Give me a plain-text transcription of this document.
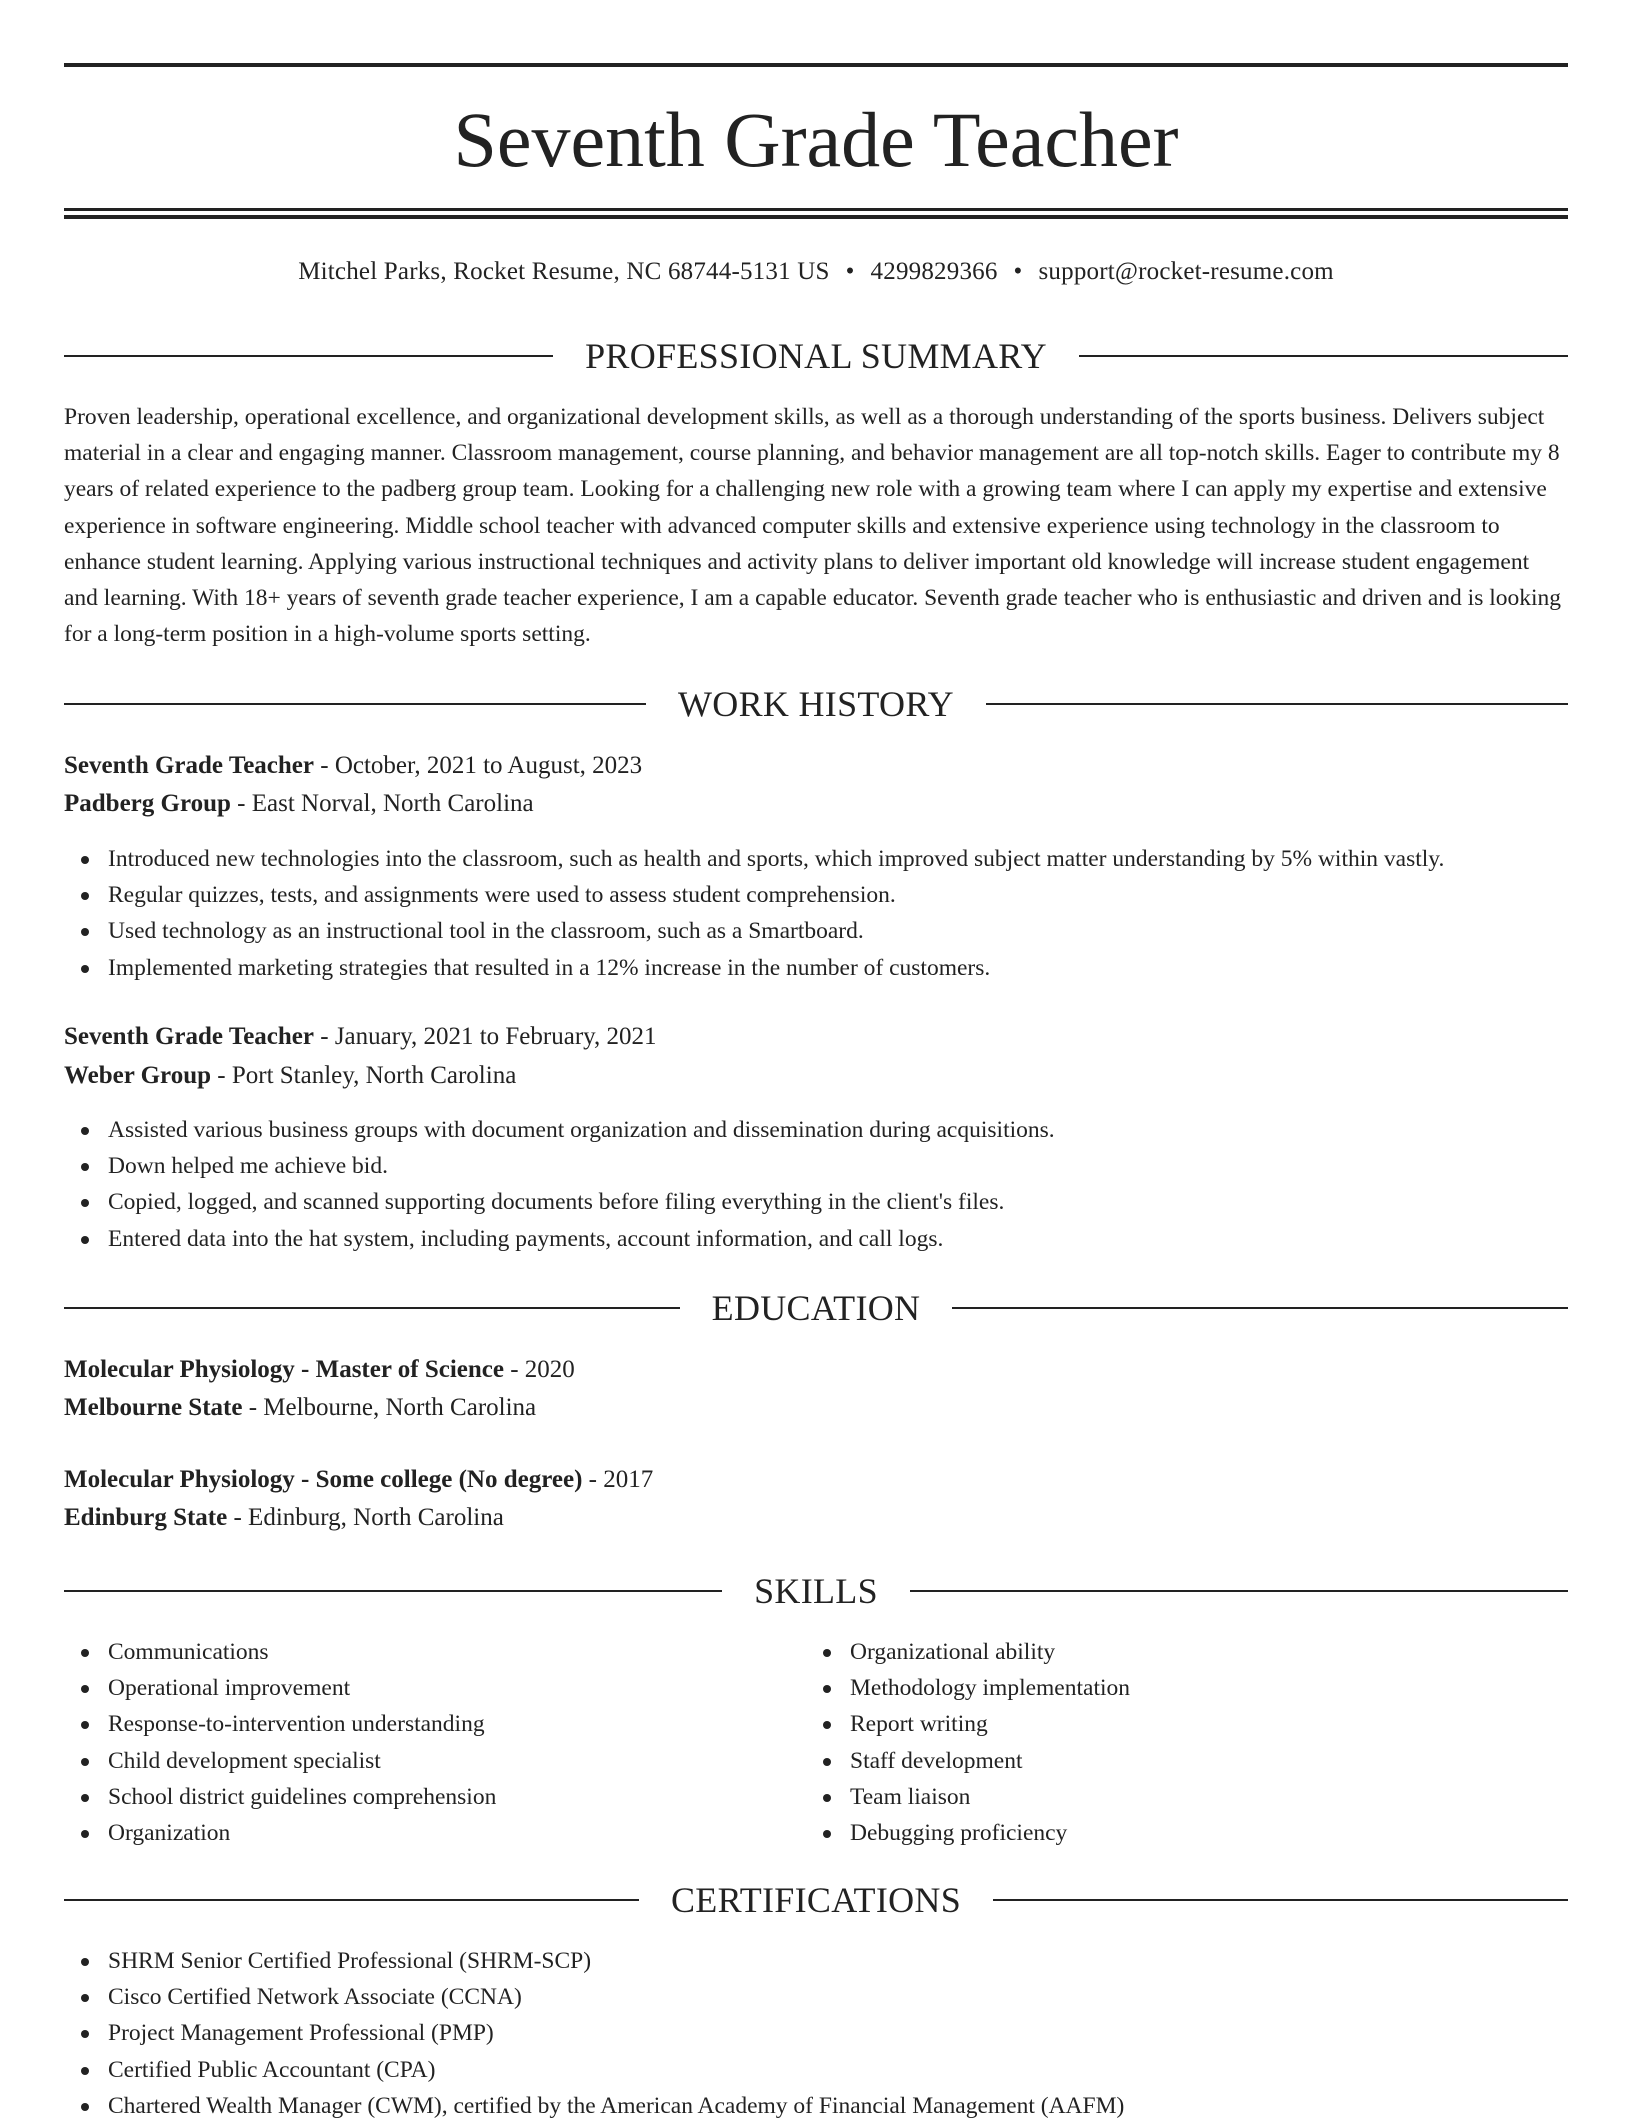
Seventh Grade Teacher
Mitchel Parks, Rocket Resume, NC 68744-5131 US • 4299829366 • support@rocket-resume.com
PROFESSIONAL SUMMARY

Proven leadership, operational excellence, and organizational development skills, as well as a thorough understanding of the sports business. Delivers subject material in a clear and engaging manner. Classroom management, course planning, and behavior management are all top-notch skills. Eager to contribute my 8 years of related experience to the padberg group team. Looking for a challenging new role with a growing team where I can apply my expertise and extensive experience in software engineering. Middle school teacher with advanced computer skills and extensive experience using technology in the classroom to enhance student learning. Applying various instructional techniques and activity plans to deliver important old knowledge will increase student engagement and learning. With 18+ years of seventh grade teacher experience, I am a capable educator. Seventh grade teacher who is enthusiastic and driven and is looking for a long-term position in a high-volume sports setting.

WORK HISTORY
Seventh Grade Teacher - October, 2021 to August, 2023
Padberg Group - East Norval, North Carolina
Introduced new technologies into the classroom, such as health and sports, which improved subject matter understanding by 5% within vastly.
Regular quizzes, tests, and assignments were used to assess student comprehension.
Used technology as an instructional tool in the classroom, such as a Smartboard.
Implemented marketing strategies that resulted in a 12% increase in the number of customers.
Seventh Grade Teacher - January, 2021 to February, 2021
Weber Group - Port Stanley, North Carolina
Assisted various business groups with document organization and dissemination during acquisitions.
Down helped me achieve bid.
Copied, logged, and scanned supporting documents before filing everything in the client's files.
Entered data into the hat system, including payments, account information, and call logs.
EDUCATION
Molecular Physiology - Master of Science - 2020
Melbourne State - Melbourne, North Carolina
Molecular Physiology - Some college (No degree) - 2017
Edinburg State - Edinburg, North Carolina
SKILLS
Communications
Operational improvement
Response-to-intervention understanding
Child development specialist
School district guidelines comprehension
Organization
Organizational ability
Methodology implementation
Report writing
Staff development
Team liaison
Debugging proficiency
CERTIFICATIONS
SHRM Senior Certified Professional (SHRM-SCP)
Cisco Certified Network Associate (CCNA)
Project Management Professional (PMP)
Certified Public Accountant (CPA)
Chartered Wealth Manager (CWM), certified by the American Academy of Financial Management (AAFM)
